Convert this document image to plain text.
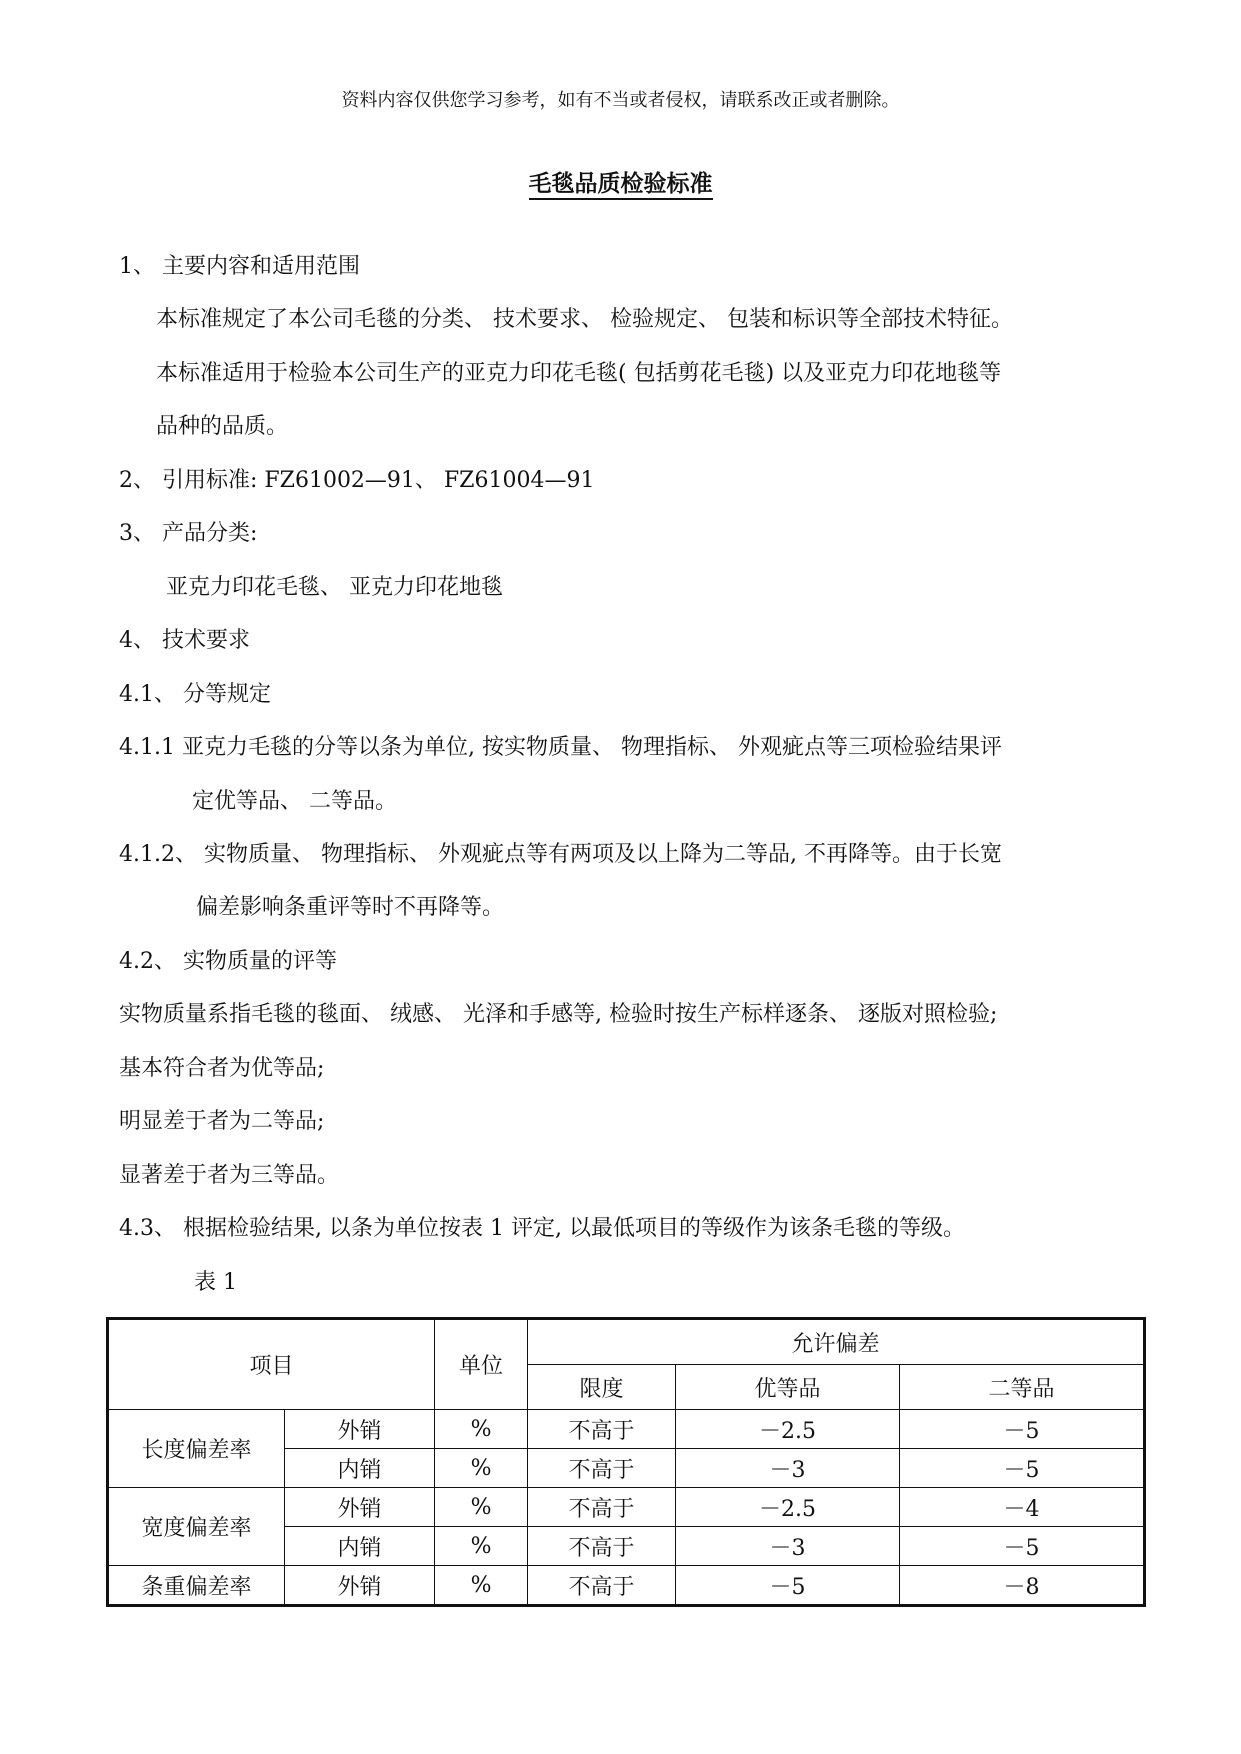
资料内容仅供您学习参考，如有不当或者侵权，请联系改正或者删除。
毛毯品质检验标准
1、 主要内容和适用范围
本标准规定了本公司毛毯的分类、 技术要求、 检验规定、 包装和标识等全部技术特征。
本标准适用于检验本公司生产的亚克力印花毛毯( 包括剪花毛毯) 以及亚克力印花地毯等
品种的品质。
2、 引用标准: FZ61002—91、 FZ61004—91
3、 产品分类:
亚克力印花毛毯、 亚克力印花地毯
4、 技术要求
4.1、 分等规定
4.1.1 亚克力毛毯的分等以条为单位, 按实物质量、 物理指标、 外观疵点等三项检验结果评
定优等品、 二等品。
4.1.2、 实物质量、 物理指标、 外观疵点等有两项及以上降为二等品, 不再降等。由于长宽
偏差影响条重评等时不再降等。
4.2、 实物质量的评等
实物质量系指毛毯的毯面、 绒感、 光泽和手感等, 检验时按生产标样逐条、 逐版对照检验;
基本符合者为优等品;
明显差于者为二等品;
显著差于者为三等品。
4.3、 根据检验结果, 以条为单位按表 1 评定, 以最低项目的等级作为该条毛毯的等级。
表 1
项目		单位	允许偏差		
			限度	优等品	二等品
长度偏差率	外销	%	不高于	－2.5	－5
	内销	%	不高于	－3	－5
宽度偏差率	外销	%	不高于	－2.5	－4
	内销	%	不高于	－3	－5
条重偏差率	外销	%	不高于	－5	－8
